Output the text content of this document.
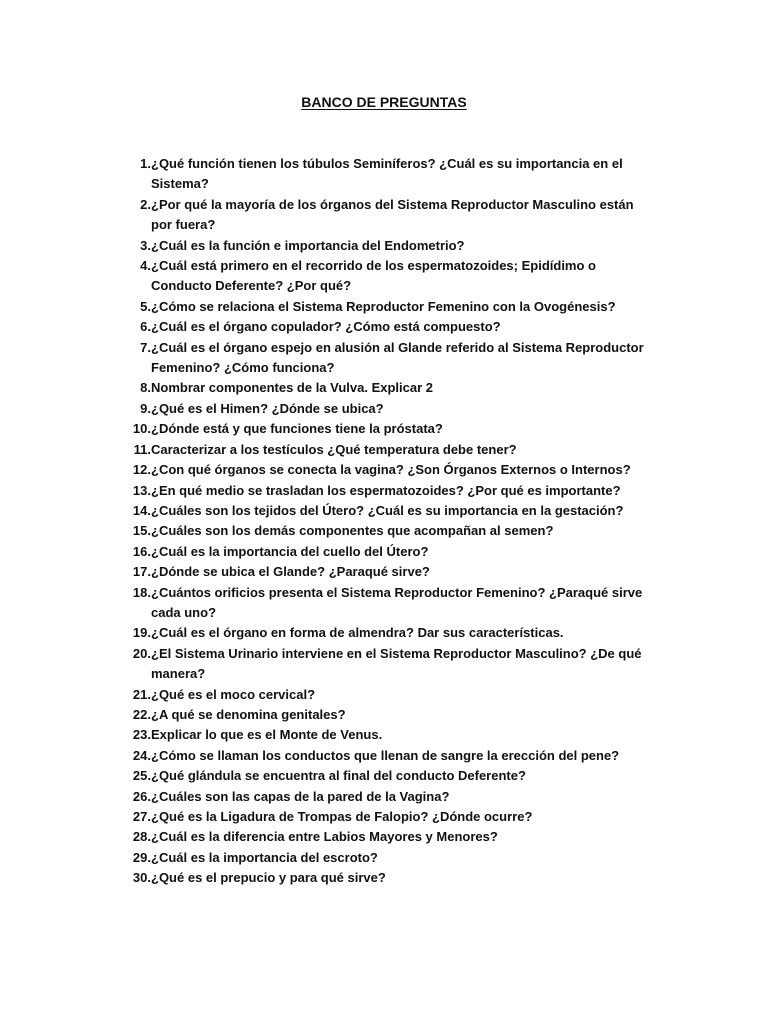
BANCO DE PREGUNTAS
1. ¿Qué función tienen los túbulos Seminíferos? ¿Cuál es su importancia en el Sistema?
2. ¿Por qué la mayoría de los órganos del Sistema Reproductor Masculino están por fuera?
3. ¿Cuál es la función e importancia del Endometrio?
4. ¿Cuál está primero en el recorrido de los espermatozoides; Epidídimo o Conducto Deferente? ¿Por qué?
5. ¿Cómo se relaciona el Sistema Reproductor Femenino con la Ovogénesis?
6. ¿Cuál es el órgano copulador? ¿Cómo está compuesto?
7. ¿Cuál es el órgano espejo en alusión al Glande referido al Sistema Reproductor Femenino? ¿Cómo funciona?
8. Nombrar componentes de la Vulva. Explicar 2
9. ¿Qué es el Himen? ¿Dónde se ubica?
10. ¿Dónde está y que funciones tiene la próstata?
11. Caracterizar a los testículos ¿Qué temperatura debe tener?
12. ¿Con qué órganos se conecta la vagina? ¿Son Órganos Externos o Internos?
13. ¿En qué medio se trasladan los espermatozoides? ¿Por qué es importante?
14. ¿Cuáles son los tejidos del Útero? ¿Cuál es su importancia en la gestación?
15. ¿Cuáles son los demás componentes que acompañan al semen?
16. ¿Cuál es la importancia del cuello del Útero?
17. ¿Dónde se ubica el Glande? ¿Paraqué sirve?
18. ¿Cuántos orificios presenta el Sistema Reproductor Femenino? ¿Paraqué sirve cada uno?
19. ¿Cuál es el órgano en forma de almendra? Dar sus características.
20. ¿El Sistema Urinario interviene en el Sistema Reproductor Masculino? ¿De qué manera?
21. ¿Qué es el moco cervical?
22. ¿A qué se denomina genitales?
23. Explicar lo que es el Monte de Venus.
24. ¿Cómo se llaman los conductos que llenan de sangre la erección del pene?
25. ¿Qué glándula se encuentra al final del conducto Deferente?
26. ¿Cuáles son las capas de la pared de la Vagina?
27. ¿Qué es la Ligadura de Trompas de Falopio? ¿Dónde ocurre?
28. ¿Cuál es la diferencia entre Labios Mayores y Menores?
29. ¿Cuál es la importancia del escroto?
30. ¿Qué es el prepucio y para qué sirve?
